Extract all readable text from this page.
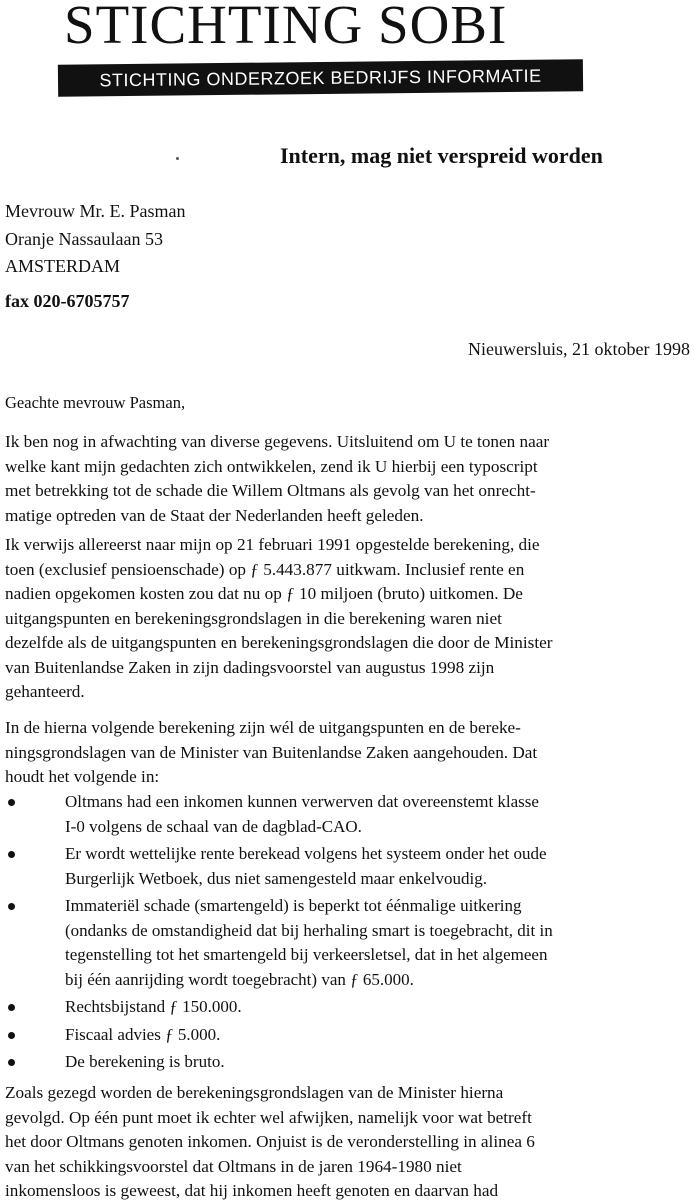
STICHTING SOBI
STICHTING ONDERZOEK BEDRIJFS INFORMATIE
Intern, mag niet verspreid worden
Mevrouw Mr. E. Pasman
Oranje Nassaulaan 53
AMSTERDAM
fax 020-6705757
Nieuwersluis, 21 oktober 1998
Geachte mevrouw Pasman,
Ik ben nog in afwachting van diverse gegevens. Uitsluitend om U te tonen naar
welke kant mijn gedachten zich ontwikkelen, zend ik U hierbij een typoscript
met betrekking tot de schade die Willem Oltmans als gevolg van het onrecht-
matige optreden van de Staat der Nederlanden heeft geleden.
Ik verwijs allereerst naar mijn op 21 februari 1991 opgestelde berekening, die
toen (exclusief pensioenschade) op ƒ 5.443.877 uitkwam. Inclusief rente en
nadien opgekomen kosten zou dat nu op ƒ 10 miljoen (bruto) uitkomen. De
uitgangspunten en berekeningsgrondslagen in die berekening waren niet
dezelfde als de uitgangspunten en berekeningsgrondslagen die door de Minister
van Buitenlandse Zaken in zijn dadingsvoorstel van augustus 1998 zijn
gehanteerd.
In de hierna volgende berekening zijn wél de uitgangspunten en de bereke-
ningsgrondslagen van de Minister van Buitenlandse Zaken aangehouden. Dat
houdt het volgende in:
Oltmans had een inkomen kunnen verwerven dat overeenstemt klasse
I-0 volgens de schaal van de dagblad-CAO.
Er wordt wettelijke rente berekead volgens het systeem onder het oude
Burgerlijk Wetboek, dus niet samengesteld maar enkelvoudig.
Immateriël schade (smartengeld) is beperkt tot éénmalige uitkering
(ondanks de omstandigheid dat bij herhaling smart is toegebracht, dit in
tegenstelling tot het smartengeld bij verkeersletsel, dat in het algemeen
bij één aanrijding wordt toegebracht) van ƒ 65.000.
Rechtsbijstand ƒ 150.000.
Fiscaal advies ƒ 5.000.
De berekening is bruto.
Zoals gezegd worden de berekeningsgrondslagen van de Minister hierna
gevolgd. Op één punt moet ik echter wel afwijken, namelijk voor wat betreft
het door Oltmans genoten inkomen. Onjuist is de veronderstelling in alinea 6
van het schikkingsvoorstel dat Oltmans in de jaren 1964-1980 niet
inkomensloos is geweest, dat hij inkomen heeft genoten en daarvan had
